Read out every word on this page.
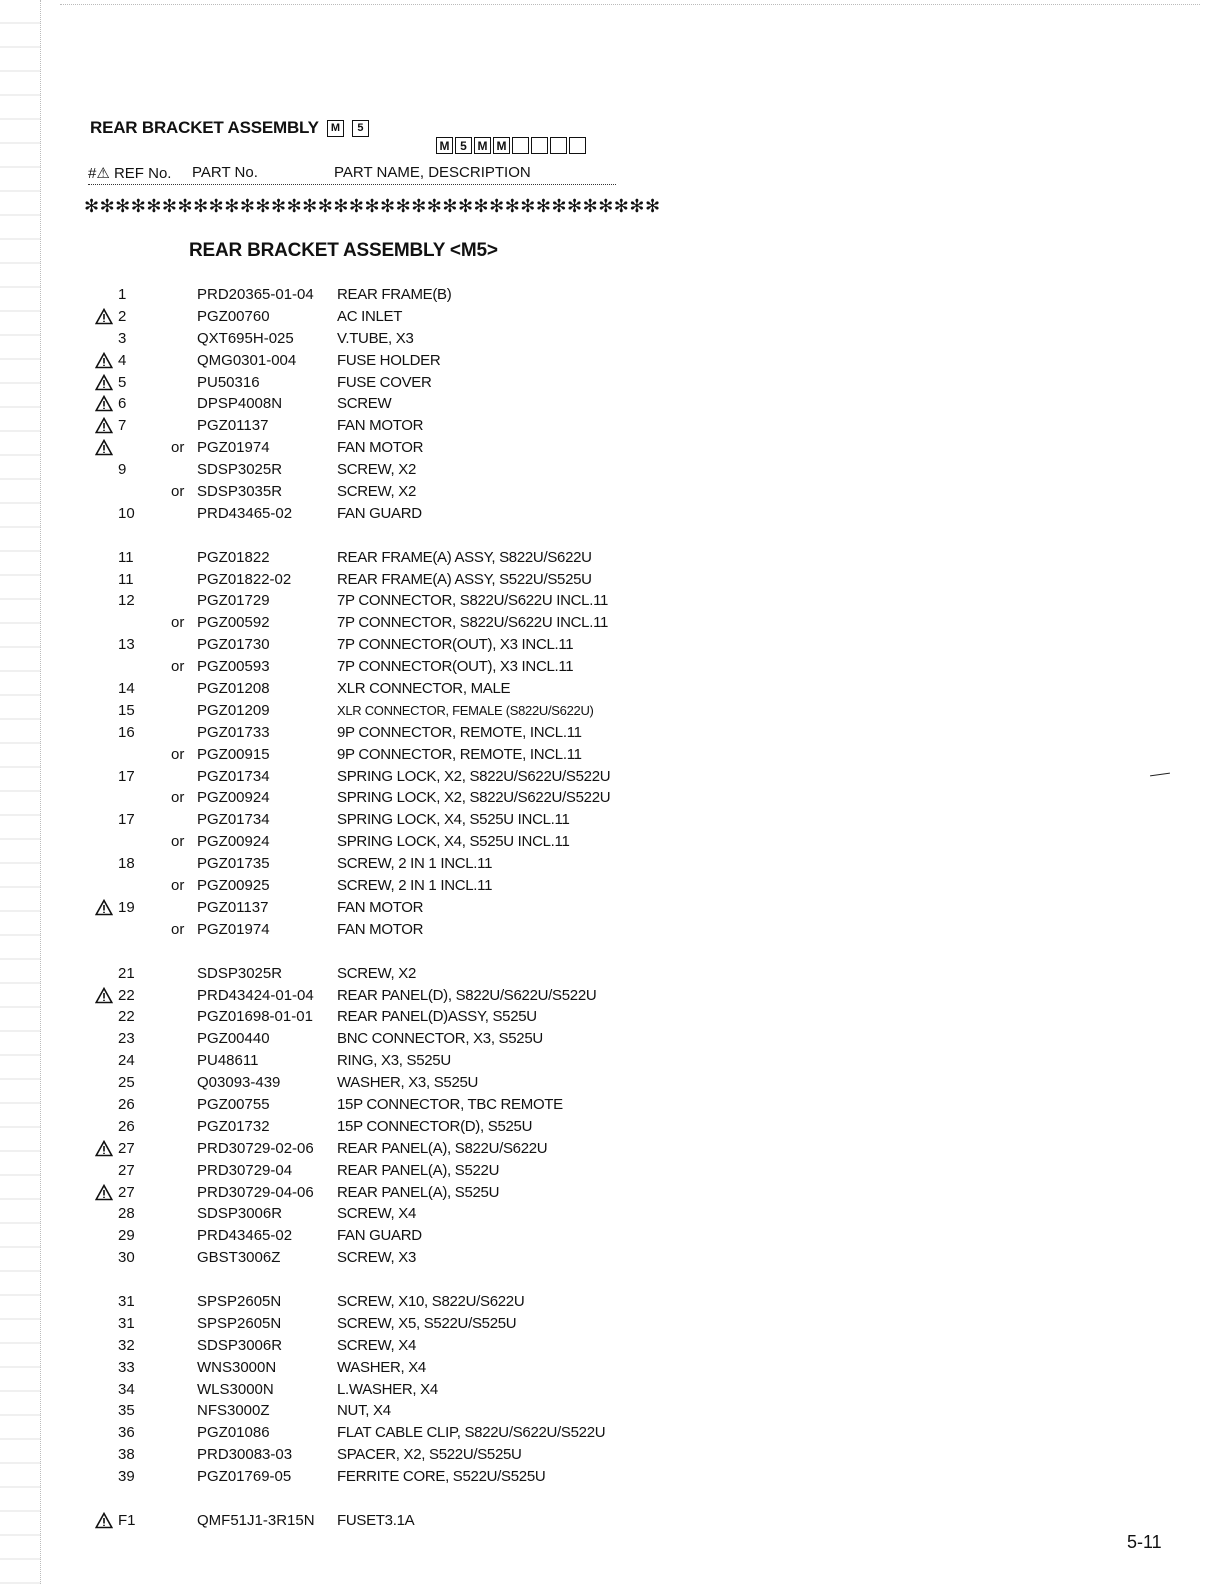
REAR BRACKET ASSEMBLY	M	5
M 5 M M
#⚠ REF No.	PART No.	PART NAME, DESCRIPTION
✻✻✻✻✻✻✻✻✻✻✻✻✻✻✻✻✻✻✻✻✻✻✻✻✻✻✻✻✻✻✻✻✻✻✻✻✻
REAR BRACKET ASSEMBLY <M5>
1	PRD20365-01-04 REAR FRAME(B)
2	PGZ00760	AC INLET
3	QXT695H-025	V.TUBE, X3
4	QMG0301-004	FUSE HOLDER
5	PU50316	FUSE COVER
6	DPSP4008N	SCREW
7	PGZ01137	FAN MOTOR
or PGZ01974	FAN MOTOR
9	SDSP3025R	SCREW, X2
or SDSP3035R	SCREW, X2
10	PRD43465-02	FAN GUARD
11	PGZ01822	REAR FRAME(A) ASSY, S822U/S622U
11	PGZ01822-02	REAR FRAME(A) ASSY, S522U/S525U
12	PGZ01729	7P CONNECTOR, S822U/S622U INCL.11
or PGZ00592	7P CONNECTOR, S822U/S622U INCL.11
13	PGZ01730	7P CONNECTOR(OUT), X3 INCL.11
or PGZ00593	7P CONNECTOR(OUT), X3 INCL.11
14	PGZ01208	XLR CONNECTOR, MALE
15	PGZ01209	XLR CONNECTOR, FEMALE (S822U/S622U)
16	PGZ01733	9P CONNECTOR, REMOTE, INCL.11
or PGZ00915	9P CONNECTOR, REMOTE, INCL.11
17	PGZ01734	SPRING LOCK, X2, S822U/S622U/S522U
or PGZ00924	SPRING LOCK, X2, S822U/S622U/S522U
17	PGZ01734	SPRING LOCK, X4, S525U INCL.11
or PGZ00924	SPRING LOCK, X4, S525U INCL.11
18	PGZ01735	SCREW, 2 IN 1 INCL.11
or PGZ00925	SCREW, 2 IN 1 INCL.11
19	PGZ01137	FAN MOTOR
or PGZ01974	FAN MOTOR
21	SDSP3025R	SCREW, X2
22	PRD43424-01-04 REAR PANEL(D), S822U/S622U/S522U
22	PGZ01698-01-01 REAR PANEL(D)ASSY, S525U
23	PGZ00440	BNC CONNECTOR, X3, S525U
24	PU48611	RING, X3, S525U
25	Q03093-439	WASHER, X3, S525U
26	PGZ00755	15P CONNECTOR, TBC REMOTE
26	PGZ01732	15P CONNECTOR(D), S525U
27	PRD30729-02-06 REAR PANEL(A), S822U/S622U
27	PRD30729-04	REAR PANEL(A), S522U
27	PRD30729-04-06 REAR PANEL(A), S525U
28	SDSP3006R	SCREW, X4
29	PRD43465-02	FAN GUARD
30	GBST3006Z	SCREW, X3
31	SPSP2605N	SCREW, X10, S822U/S622U
31	SPSP2605N	SCREW, X5, S522U/S525U
32	SDSP3006R	SCREW, X4
33	WNS3000N	WASHER, X4
34	WLS3000N	L.WASHER, X4
35	NFS3000Z	NUT, X4
36	PGZ01086	FLAT CABLE CLIP, S822U/S622U/S522U
38	PRD30083-03	SPACER, X2, S522U/S525U
39	PGZ01769-05	FERRITE CORE, S522U/S525U
F1	QMF51J1-3R15N FUSET3.1A
5-11
